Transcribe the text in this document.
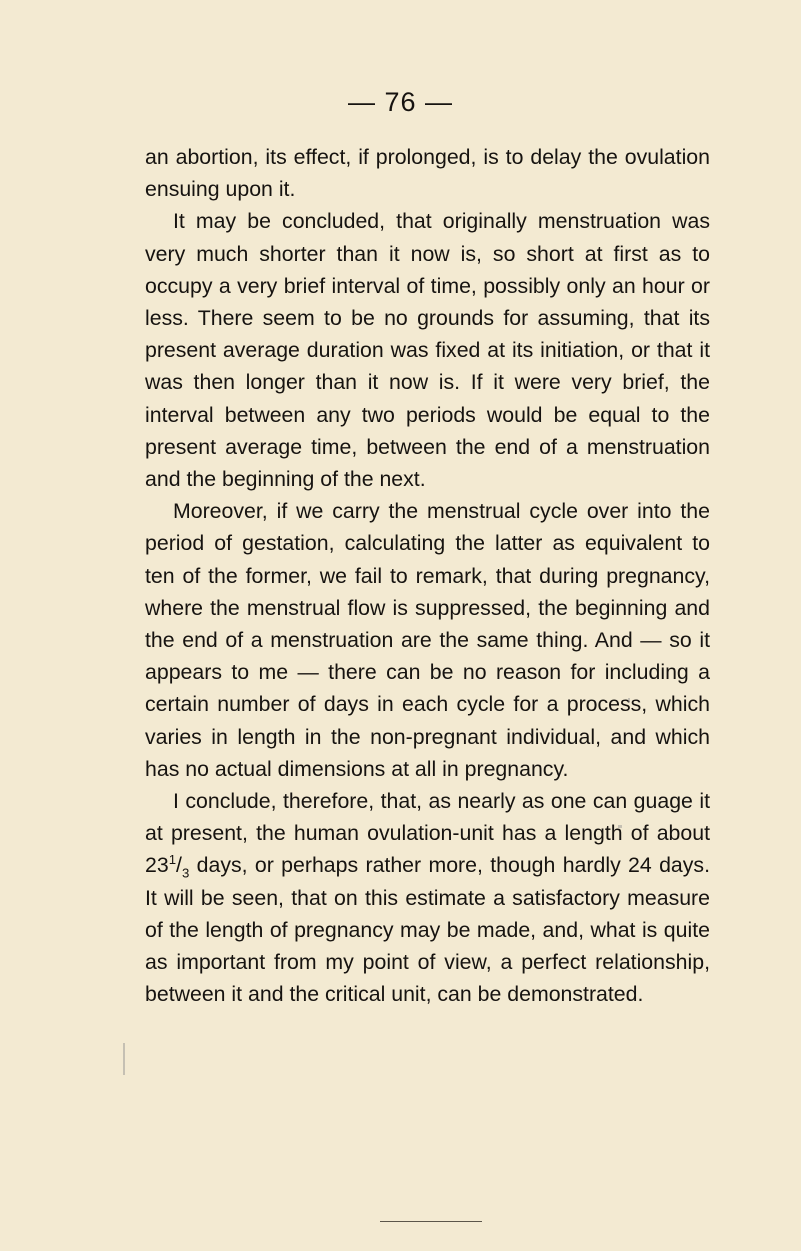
— 76 —

an abortion, its effect, if prolonged, is to delay the ovulation ensuing upon it.

It may be concluded, that originally menstruation was very much shorter than it now is, so short at first as to occupy a very brief interval of time, possibly only an hour or less. There seem to be no grounds for assuming, that its present average duration was fixed at its initiation, or that it was then longer than it now is. If it were very brief, the interval between any two periods would be equal to the present average time, between the end of a menstruation and the beginning of the next.

Moreover, if we carry the menstrual cycle over into the period of gestation, calculating the latter as equivalent to ten of the former, we fail to remark, that during pregnancy, where the menstrual flow is suppressed, the beginning and the end of a menstruation are the same thing. And — so it appears to me — there can be no reason for including a certain number of days in each cycle for a process, which varies in length in the non-pregnant individual, and which has no actual dimensions at all in pregnancy.

I conclude, therefore, that, as nearly as one can guage it at present, the human ovulation-unit has a length of about $23^1/_3$ days, or perhaps rather more, though hardly 24 days. It will be seen, that on this estimate a satisfactory measure of the length of pregnancy may be made, and, what is quite as important from my point of view, a perfect relationship, between it and the critical unit, can be demonstrated.
